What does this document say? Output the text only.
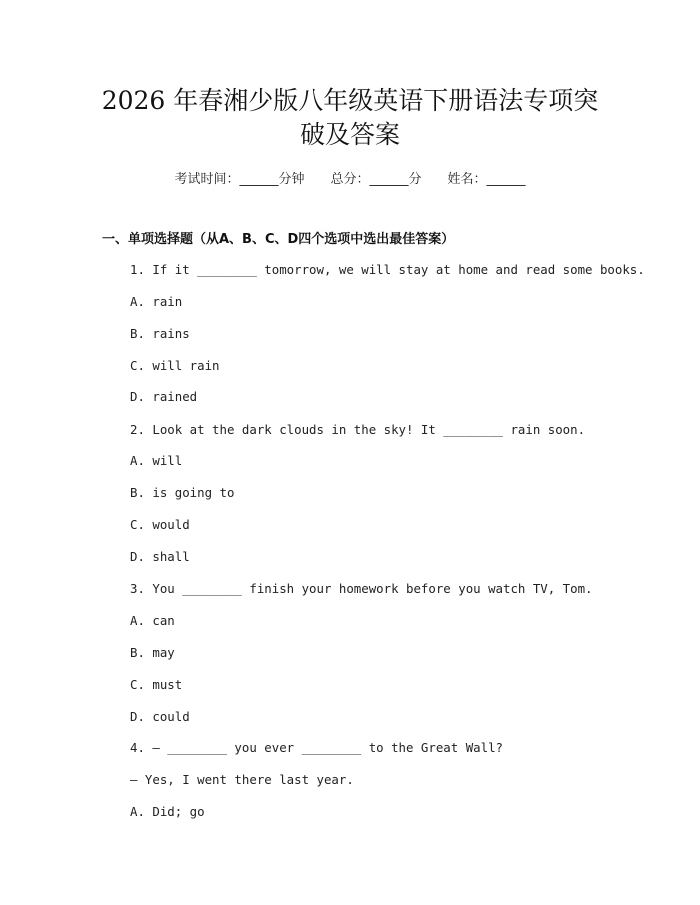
2026 年春湘少版八年级英语下册语法专项突
破及答案
考试时间：______分钟 总分：______分 姓名：______
一、单项选择题（从A、B、C、D四个选项中选出最佳答案）
1. If it ________ tomorrow, we will stay at home and read some books.
A. rain
B. rains
C. will rain
D. rained
2. Look at the dark clouds in the sky! It ________ rain soon.
A. will
B. is going to
C. would
D. shall
3. You ________ finish your homework before you watch TV, Tom.
A. can
B. may
C. must
D. could
4. — ________ you ever ________ to the Great Wall?
— Yes, I went there last year.
A. Did; go
